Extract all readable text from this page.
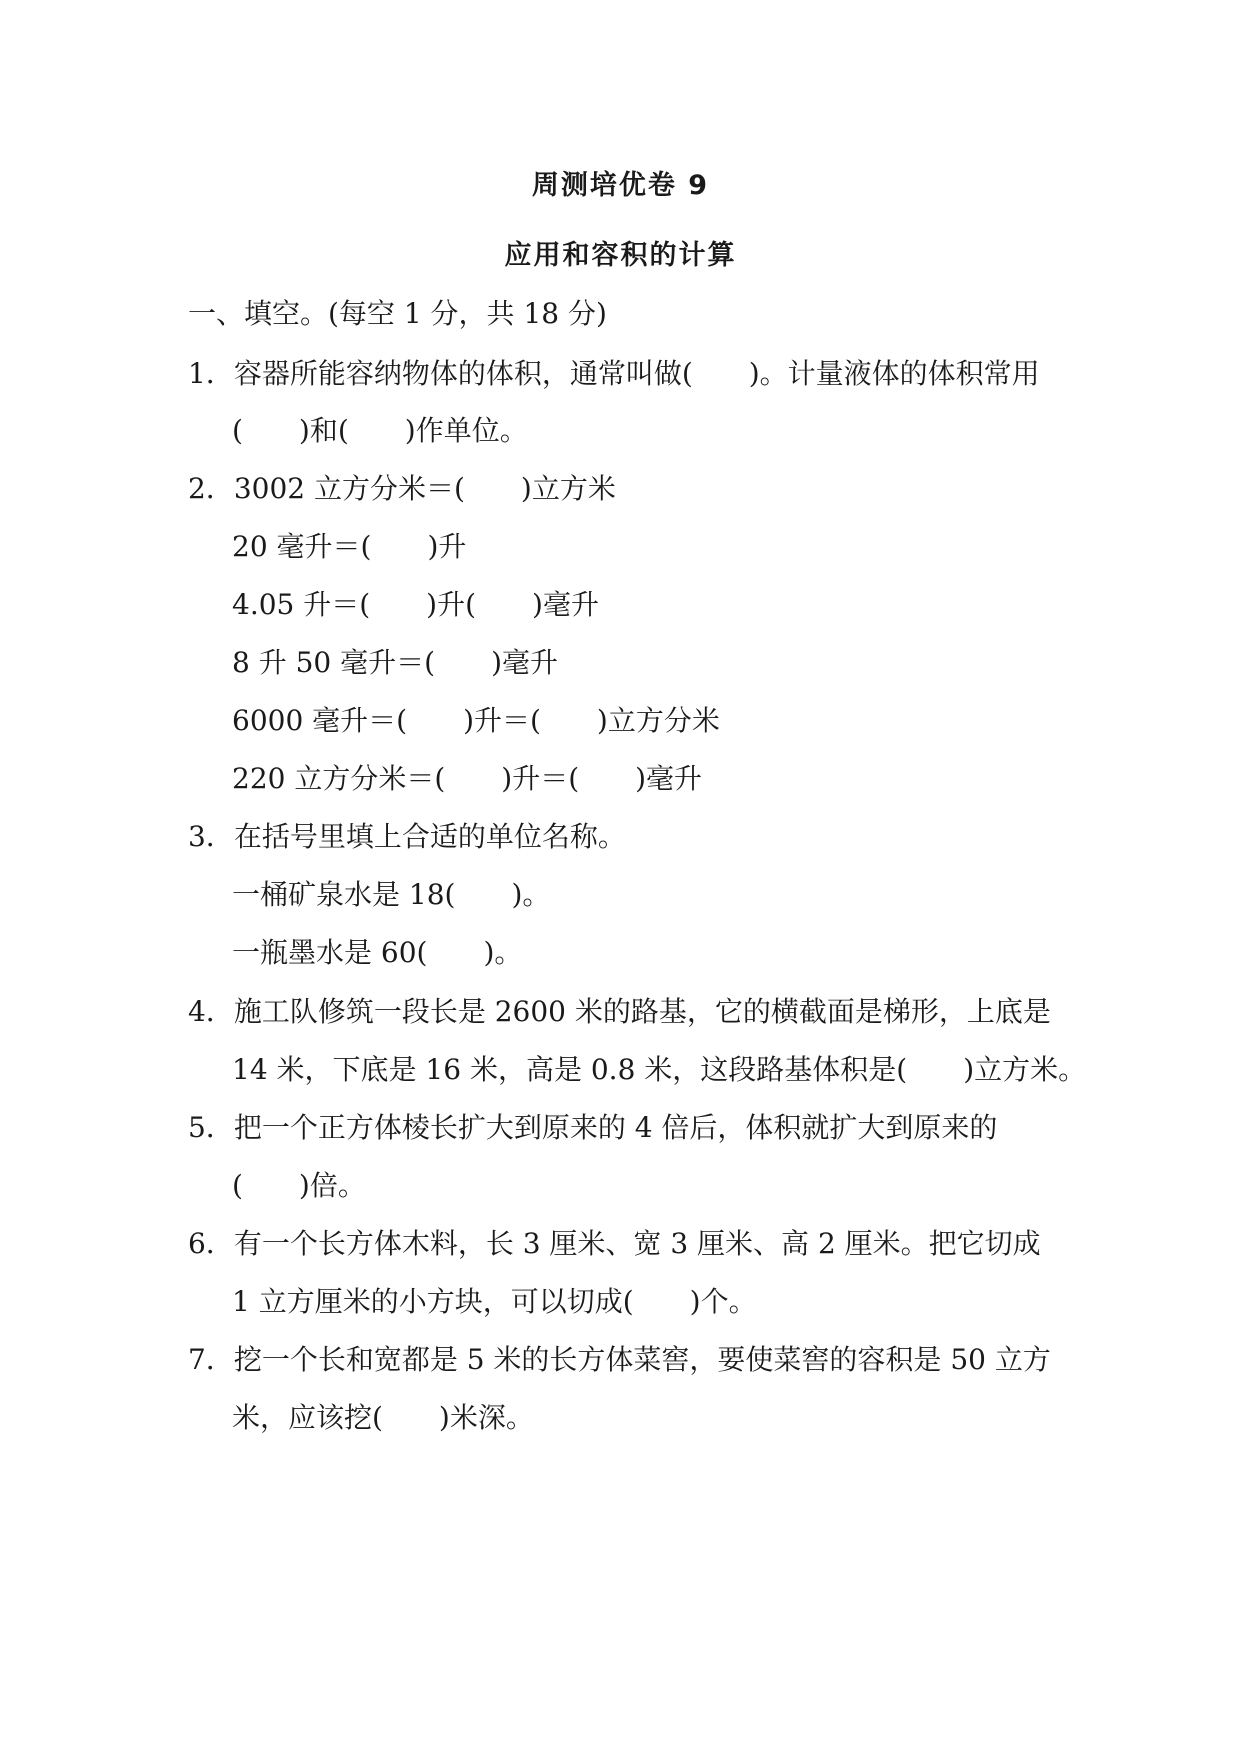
周测培优卷 9
应用和容积的计算
一、填空。(每空 1 分，共 18 分)
1．容器所能容纳物体的体积，通常叫做(　　)。计量液体的体积常用
(　　)和(　　)作单位。
2．3002 立方分米＝(　　)立方米
20 毫升＝(　　)升
4.05 升＝(　　)升(　　)毫升
8 升 50 毫升＝(　　)毫升
6000 毫升＝(　　)升＝(　　)立方分米
220 立方分米＝(　　)升＝(　　)毫升
3．在括号里填上合适的单位名称。
一桶矿泉水是 18(　　)。
一瓶墨水是 60(　　)。
4．施工队修筑一段长是 2600 米的路基，它的横截面是梯形，上底是
14 米，下底是 16 米，高是 0.8 米，这段路基体积是(　　)立方米。
5．把一个正方体棱长扩大到原来的 4 倍后，体积就扩大到原来的
(　　)倍。
6．有一个长方体木料，长 3 厘米、宽 3 厘米、高 2 厘米。把它切成
1 立方厘米的小方块，可以切成(　　)个。
7．挖一个长和宽都是 5 米的长方体菜窖，要使菜窖的容积是 50 立方
米，应该挖(　　)米深。
